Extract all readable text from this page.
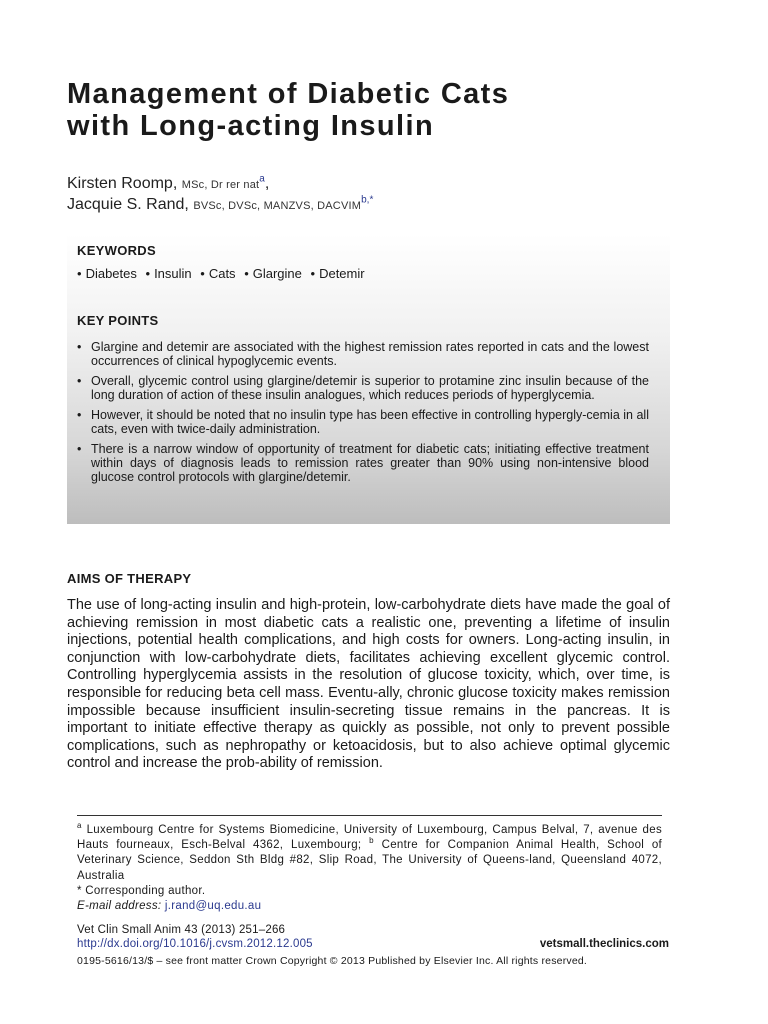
Management of Diabetic Cats
with Long-acting Insulin
Kirsten Roomp, MSc, Dr rer nat$^a$,
Jacquie S. Rand, BVSc, DVSc, MANZVS, $DACVIM^{b,*}$
KEYWORDS
• Diabetes • Insulin • Cats • Glargine • Detemir
KEY POINTS
• Glargine and detemir are associated with the highest remission rates reported in cats and the lowest occurrences of clinical hypoglycemic events.
• Overall, glycemic control using glargine/detemir is superior to protamine zinc insulin because of the long duration of action of these insulin analogues, which reduces periods of hyperglycemia.
• However, it should be noted that no insulin type has been effective in controlling hypergly-cemia in all cats, even with twice-daily administration.
• There is a narrow window of opportunity of treatment for diabetic cats; initiating effective treatment within days of diagnosis leads to remission rates greater than 90% using non-intensive blood glucose control protocols with glargine/detemir.
AIMS OF THERAPY

The use of long-acting insulin and high-protein, low-carbohydrate diets have made the goal of achieving remission in most diabetic cats a realistic one, preventing a lifetime of insulin injections, potential health complications, and high costs for owners. Long-acting insulin, in conjunction with low-carbohydrate diets, facilitates achieving excellent glycemic control. Controlling hyperglycemia assists in the resolution of glucose toxicity, which, over time, is responsible for reducing beta cell mass. Eventu-ally, chronic glucose toxicity makes remission impossible because insufficient insulin-secreting tissue remains in the pancreas. It is important to initiate effective therapy as quickly as possible, not only to prevent possible complications, such as nephropathy or ketoacidosis, but to also achieve optimal glycemic control and increase the prob-ability of remission.

$^a$ Luxembourg Centre for Systems Biomedicine, University of Luxembourg, Campus Belval, 7, avenue des Hauts fourneaux, Esch-Belval 4362, Luxembourg; $^b$ Centre for Companion Animal Health, School of Veterinary Science, Seddon Sth Bldg #82, Slip Road, The University of Queens-land, Queensland 4072, Australia
* Corresponding author.
E-mail address: j.rand@uq.edu.au
Vet Clin Small Anim 43 (2013) 251–266
http://dx.doi.org/10.1016/j.cvsm.2012.12.005	vetsmall.theclinics.com
0195-5616/13/$ – see front matter Crown Copyright © 2013 Published by Elsevier Inc. All rights reserved.
